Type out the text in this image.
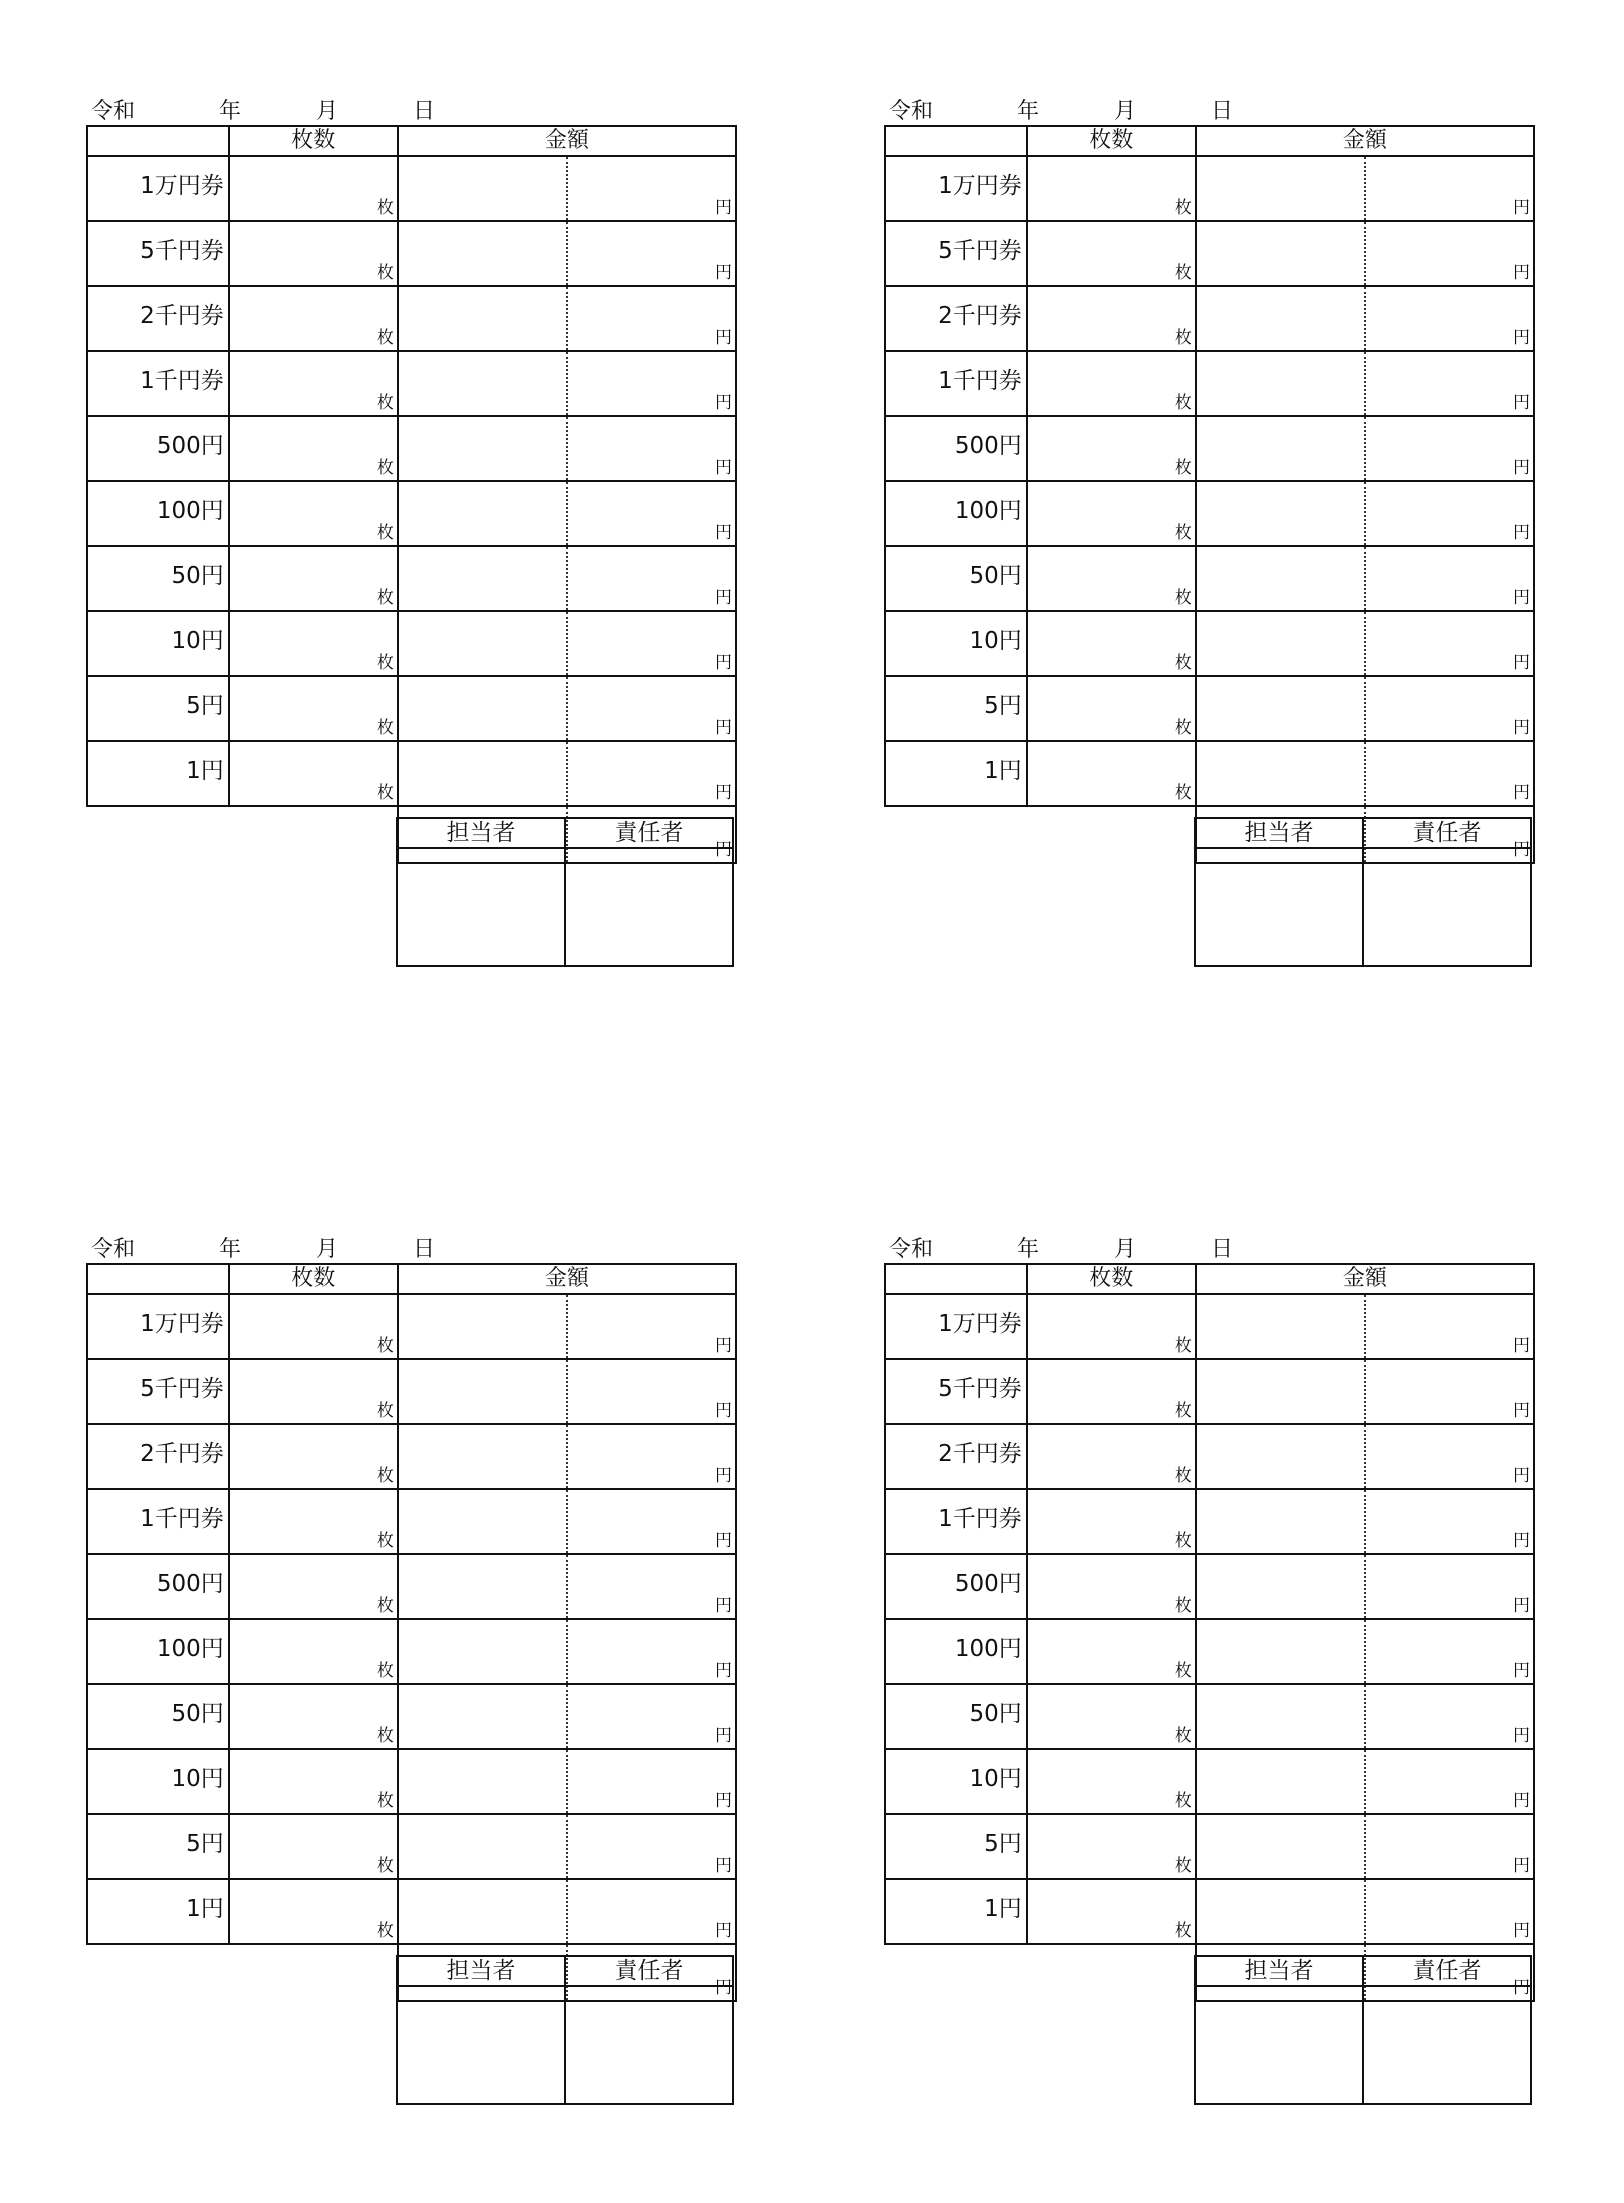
令和	年	月	日
	枚数	金額	
1万円券	枚		円
5千円券	枚		円
2千円券	枚		円
1千円券	枚		円
500円	枚		円
100円	枚		円
50円	枚		円
10円	枚		円
5円	枚		円
1円	枚		円
			円
担当者	責任者

令和	年	月	日
	枚数	金額	
1万円券	枚		円
5千円券	枚		円
2千円券	枚		円
1千円券	枚		円
500円	枚		円
100円	枚		円
50円	枚		円
10円	枚		円
5円	枚		円
1円	枚		円
			円
担当者	責任者

令和	年	月	日
	枚数	金額	
1万円券	枚		円
5千円券	枚		円
2千円券	枚		円
1千円券	枚		円
500円	枚		円
100円	枚		円
50円	枚		円
10円	枚		円
5円	枚		円
1円	枚		円
			円
担当者	責任者

令和	年	月	日
	枚数	金額	
1万円券	枚		円
5千円券	枚		円
2千円券	枚		円
1千円券	枚		円
500円	枚		円
100円	枚		円
50円	枚		円
10円	枚		円
5円	枚		円
1円	枚		円
			円
担当者	責任者
